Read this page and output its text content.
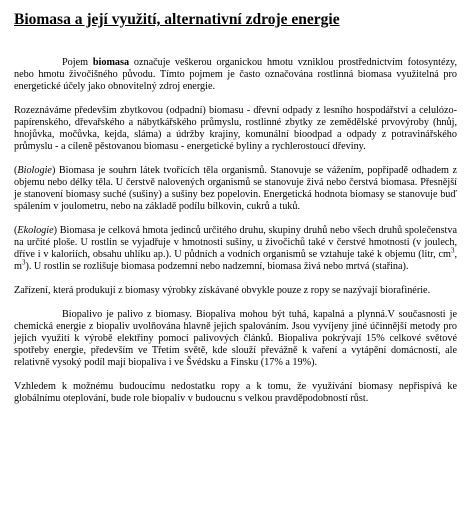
Biomasa a její využití, alternativní zdroje energie

Pojem biomasa označuje veškerou organickou hmotu vzniklou prostřednictvím fotosyntézy, nebo hmotu živočišného původu. Tímto pojmem je často označována rostlinná biomasa využitelná pro energetické účely jako obnovitelný zdroj energie.

Rozeznáváme především zbytkovou (odpadní) biomasu - dřevní odpady z lesního hospodářství a celulózo-papírenského, dřevařského a nábytkářského průmyslu, rostlinné zbytky ze zemědělské prvovýroby (hnůj, hnojůvka, močůvka, kejda, sláma) a údržby krajiny, komunální bioodpad a odpady z potravinářského průmyslu - a cíleně pěstovanou biomasu - energetické byliny a rychlerostoucí dřeviny.

(Biologie) Biomasa je souhrn látek tvořících těla organismů. Stanovuje se vážením, popřípadě odhadem z objemu nebo délky těla. U čerstvě nalovených organismů se stanovuje živá nebo čerstvá biomasa. Přesnější je stanovení biomasy suché (sušiny) a sušiny bez popelovin. Energetická hodnota biomasy se stanovuje buď spálením v joulometru, nebo na základě podílu bílkovin, cukrů a tuků.

(Ekologie) Biomasa je celková hmota jedinců určitého druhu, skupiny druhů nebo všech druhů společenstva na určité ploše. U rostlin se vyjadřuje v hmotnosti sušiny, u živočichů také v čerstvé hmotnosti (v joulech, dříve i v kaloriích, obsahu uhlíku ap.). U půdních a vodních organismů se vztahuje také k objemu (litr, $cm^3$, $m^3$). U rostlin se rozlišuje biomasa podzemní nebo nadzemní, biomasa živá nebo mrtvá (stařina).

Zařízení, která produkují z biomasy výrobky získávané obvykle pouze z ropy se nazývají biorafinérie.

Biopalivo je palivo z biomasy. Biopaliva mohou být tuhá, kapalná a plynná.V současnosti je chemická energie z biopaliv uvolňována hlavně jejich spalováním. Jsou vyvíjeny jiné účinnější metody pro jejich využití k výrobě elektřiny pomocí palivových článků. Biopaliva pokrývají 15% celkové světové spotřeby energie, především ve Třetím světě, kde slouží převážně k vaření a vytápění domácností, ale relativně vysoký podíl mají biopaliva i ve Švédsku a Finsku (17% a 19%).

Vzhledem k možnému budoucímu nedostatku ropy a k tomu, že využívání biomasy nepřispívá ke globálnímu oteplování, bude role biopaliv v budoucnu s velkou pravděpodobností růst.
